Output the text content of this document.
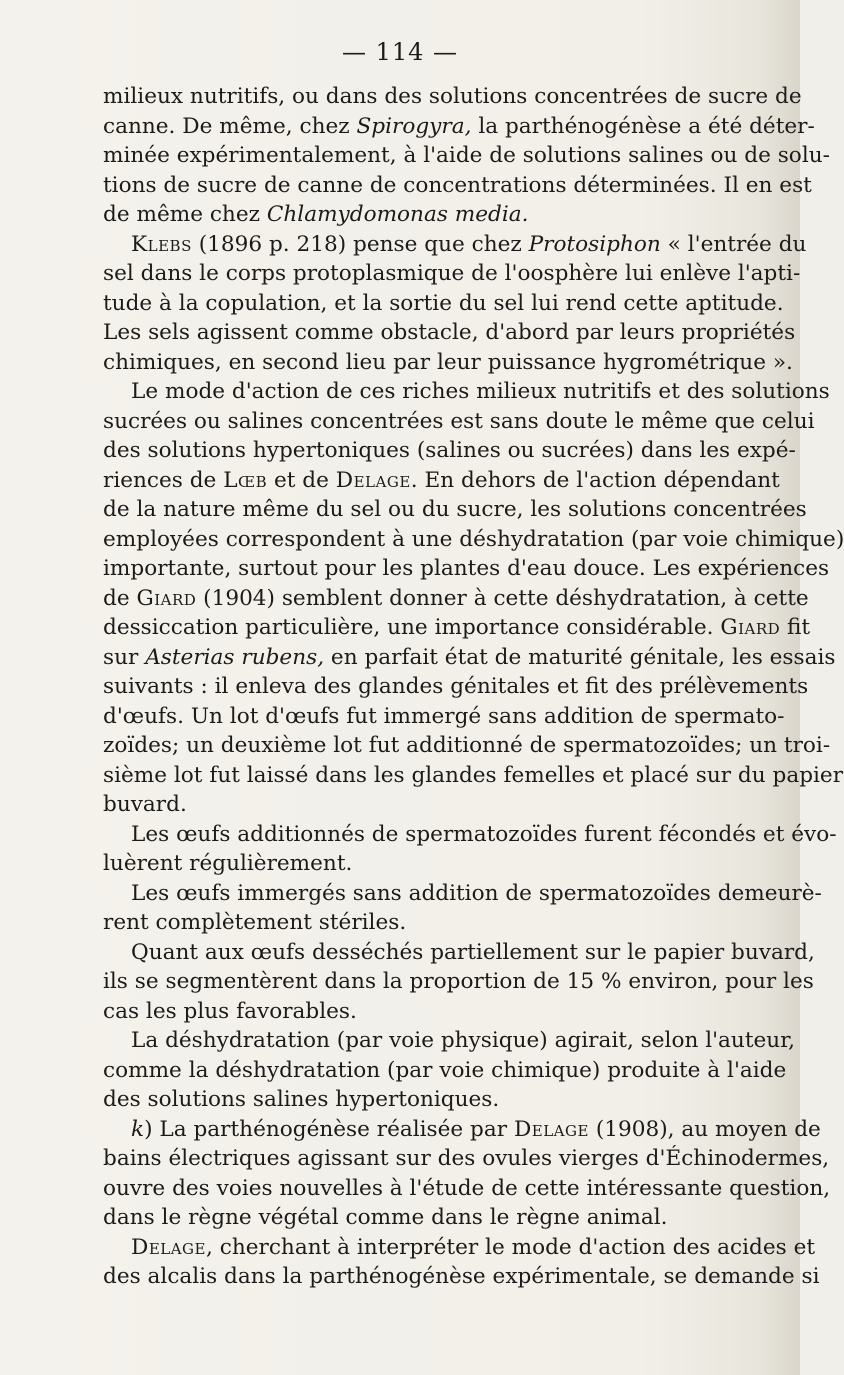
— 114 —
milieux nutritifs, ou dans des solutions concentrées de sucre de
canne. De même, chez Spirogyra, la parthénogénèse a été déter-
minée expérimentalement, à l'aide de solutions salines ou de solu-
tions de sucre de canne de concentrations déterminées. Il en est
de même chez Chlamydomonas media.
Klebs (1896 p. 218) pense que chez Protosiphon « l'entrée du
sel dans le corps protoplasmique de l'oosphère lui enlève l'apti-
tude à la copulation, et la sortie du sel lui rend cette aptitude.
Les sels agissent comme obstacle, d'abord par leurs propriétés
chimiques, en second lieu par leur puissance hygrométrique ».
Le mode d'action de ces riches milieux nutritifs et des solutions
sucrées ou salines concentrées est sans doute le même que celui
des solutions hypertoniques (salines ou sucrées) dans les expé-
riences de Lœb et de Delage. En dehors de l'action dépendant
de la nature même du sel ou du sucre, les solutions concentrées
employées correspondent à une déshydratation (par voie chimique)
importante, surtout pour les plantes d'eau douce. Les expériences
de Giard (1904) semblent donner à cette déshydratation, à cette
dessiccation particulière, une importance considérable. Giard fit
sur Asterias rubens, en parfait état de maturité génitale, les essais
suivants : il enleva des glandes génitales et fit des prélèvements
d'œufs. Un lot d'œufs fut immergé sans addition de spermato-
zoïdes; un deuxième lot fut additionné de spermatozoïdes; un troi-
sième lot fut laissé dans les glandes femelles et placé sur du papier
buvard.
Les œufs additionnés de spermatozoïdes furent fécondés et évo-
luèrent régulièrement.
Les œufs immergés sans addition de spermatozoïdes demeurè-
rent complètement stériles.
Quant aux œufs desséchés partiellement sur le papier buvard,
ils se segmentèrent dans la proportion de 15 % environ, pour les
cas les plus favorables.
La déshydratation (par voie physique) agirait, selon l'auteur,
comme la déshydratation (par voie chimique) produite à l'aide
des solutions salines hypertoniques.
k) La parthénogénèse réalisée par Delage (1908), au moyen de
bains électriques agissant sur des ovules vierges d'Échinodermes,
ouvre des voies nouvelles à l'étude de cette intéressante question,
dans le règne végétal comme dans le règne animal.
Delage, cherchant à interpréter le mode d'action des acides et
des alcalis dans la parthénogénèse expérimentale, se demande si
